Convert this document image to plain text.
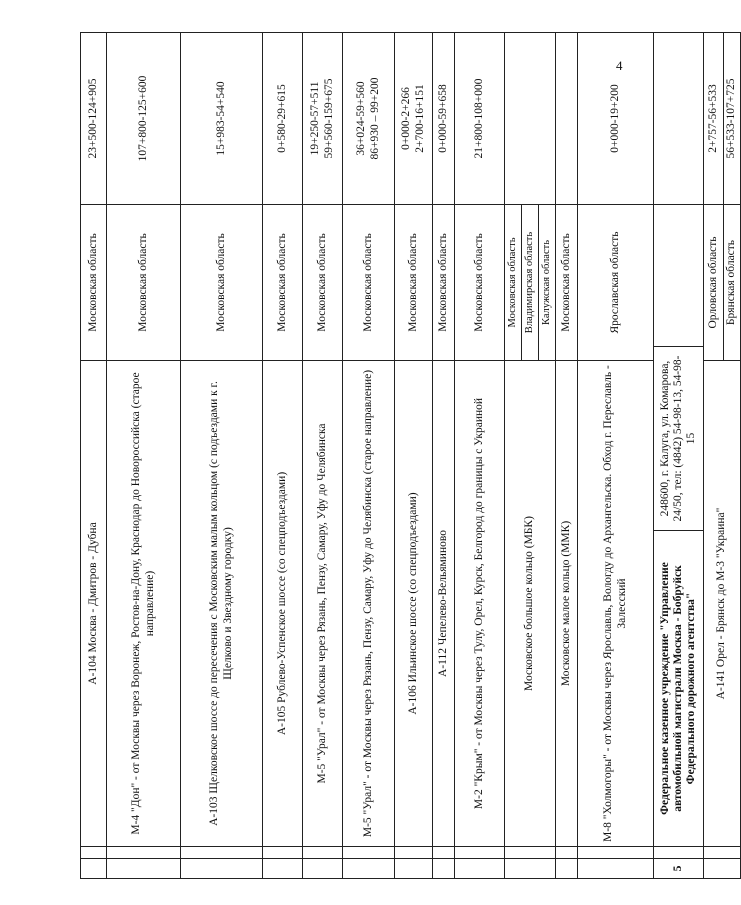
4
		А-104 Москва - Дмитров - Дубна		Московская область		23+500-124+905
		М-4 "Дон" - от Москвы через Воронеж, Ростов-на-Дону, Краснодар до Новороссийска (старое направление)		Московская область		107+800-125+600
		А-103 Щелковское шоссе до пересечения с Московским малым кольцом (с подъездами к г. Щелково и Звездному городку)		Московская область		15+983-54+540
		А-105 Рублево-Успенское шоссе (со спецподъездами)		Московская область		0+580-29+615
		М-5 "Урал" - от Москвы через Рязань, Пензу, Самару, Уфу до Челябинска		Московская область		19+250-57+511
59+560-159+675
		М-5 "Урал" - от Москвы через Рязань, Пензу, Самару, Уфу до Челябинска (старое направление)		Московская область		36+024-59+560
86+930 – 99+200
		А-106 Ильинское шоссе (со спецподъездами)		Московская область		0+000-2+266
2+700-16+151
		А-112 Чепелево-Вельяминово		Московская область		0+000-59+658
		М-2 "Крым" - от Москвы через Тулу, Орел, Курск, Белгород до границы с Украиной		Московская область		21+800-108+000
		Московское большое кольцо (МБК)		Московская область		
				Владимирская область		
				Калужская область		
		Московское малое кольцо (ММК)		Московская область		
		М-8 "Холмогоры" - от Москвы через Ярославль, Вологду до Архангельска. Обход г. Переславль - Залесский		Ярославская область		0+000-19+200
5		Федеральное казенное учреждение "Управление автомобильной магистрали Москва - Бобруйск Федерального дорожного агентства"	248600, г. Калуга, ул. Комарова, 24/50, тел: (4842) 54-98-13, 54-98-15			
		А-141 Орел - Брянск до М-3 "Украина"		Орловская область		2+757-56+533
				Брянская область		56+533-107+725
